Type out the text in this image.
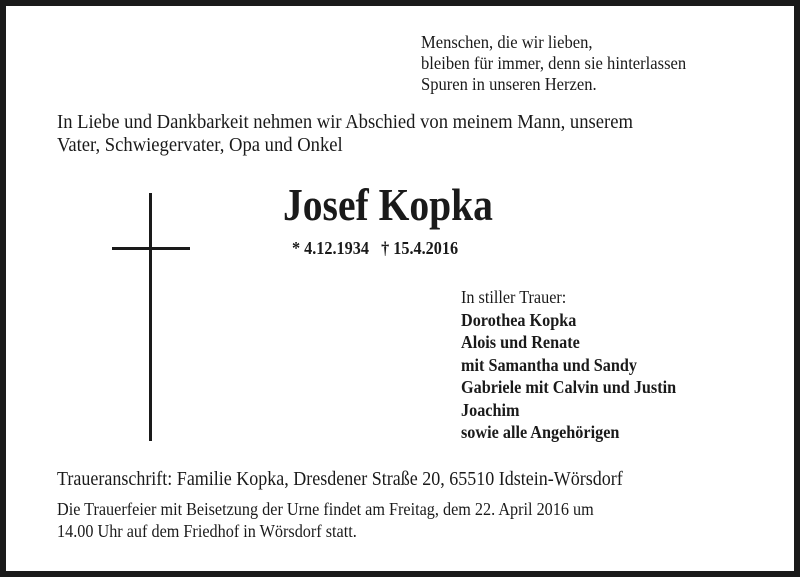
Menschen, die wir lieben,
bleiben für immer, denn sie hinterlassen
Spuren in unseren Herzen.
In Liebe und Dankbarkeit nehmen wir Abschied von meinem Mann, unserem
Vater, Schwiegervater, Opa und Onkel
Josef Kopka
* 4.12.1934   † 15.4.2016
In stiller Trauer:
Dorothea Kopka
Alois und Renate
mit Samantha und Sandy
Gabriele mit Calvin und Justin
Joachim
sowie alle Angehörigen
Traueranschrift: Familie Kopka, Dresdener Straße 20, 65510 Idstein-Wörsdorf
Die Trauerfeier mit Beisetzung der Urne findet am Freitag, dem 22. April 2016 um
14.00 Uhr auf dem Friedhof in Wörsdorf statt.
